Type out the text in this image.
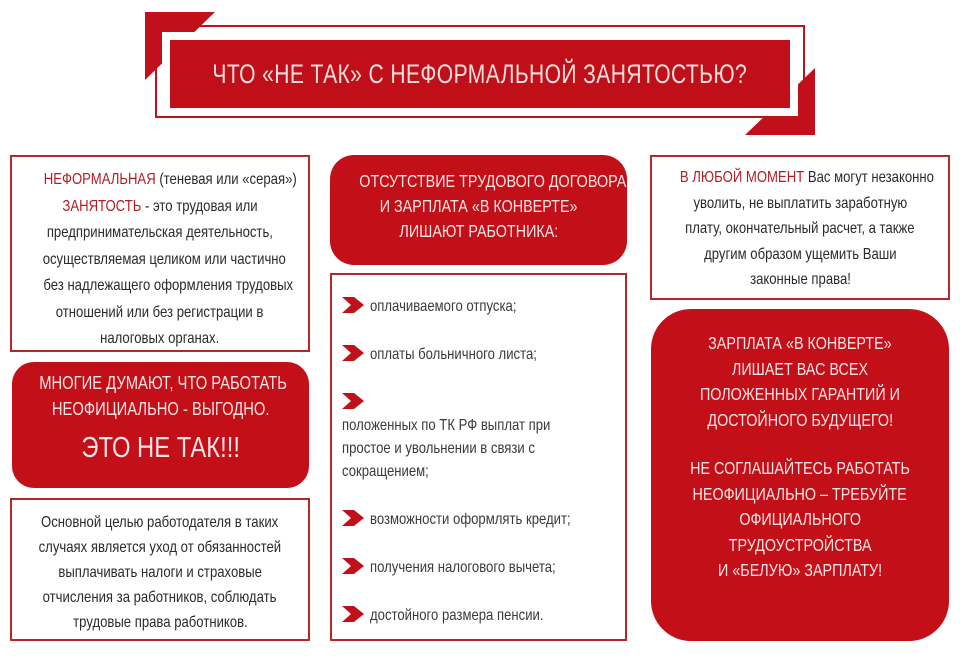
ЧТО «НЕ ТАК» С НЕФОРМАЛЬНОЙ ЗАНЯТОСТЬЮ?
НЕФОРМАЛЬНАЯ (теневая или «серая»)
ЗАНЯТОСТЬ - это трудовая или
предпринимательская деятельность,
осуществляемая целиком или частично
без надлежащего оформления трудовых
отношений или без регистрации в
налоговых органах.
МНОГИЕ ДУМАЮТ, ЧТО РАБОТАТЬ
НЕОФИЦИАЛЬНО - ВЫГОДНО.
ЭТО НЕ ТАК!!!
Основной целью работодателя в таких
случаях является уход от обязанностей
выплачивать налоги и страховые
отчисления за работников, соблюдать
трудовые права работников.
ОТСУТСТВИЕ ТРУДОВОГО ДОГОВОРА
И ЗАРПЛАТА «В КОНВЕРТЕ»
ЛИШАЮТ РАБОТНИКА:
оплачиваемого отпуска;
оплаты больничного листа;
положенных по ТК РФ выплат при
простое и увольнении в связи с
сокращением;
возможности оформлять кредит;
получения налогового вычета;
достойного размера пенсии.
В ЛЮБОЙ МОМЕНТ Вас могут незаконно
уволить, не выплатить заработную
плату, окончательный расчет, а также
другим образом ущемить Ваши
законные права!
ЗАРПЛАТА «В КОНВЕРТЕ»
ЛИШАЕТ ВАС ВСЕХ
ПОЛОЖЕННЫХ ГАРАНТИЙ И
ДОСТОЙНОГО БУДУЩЕГО!
НЕ СОГЛАШАЙТЕСЬ РАБОТАТЬ
НЕОФИЦИАЛЬНО – ТРЕБУЙТЕ
ОФИЦИАЛЬНОГО
ТРУДОУСТРОЙСТВА
И «БЕЛУЮ» ЗАРПЛАТУ!
